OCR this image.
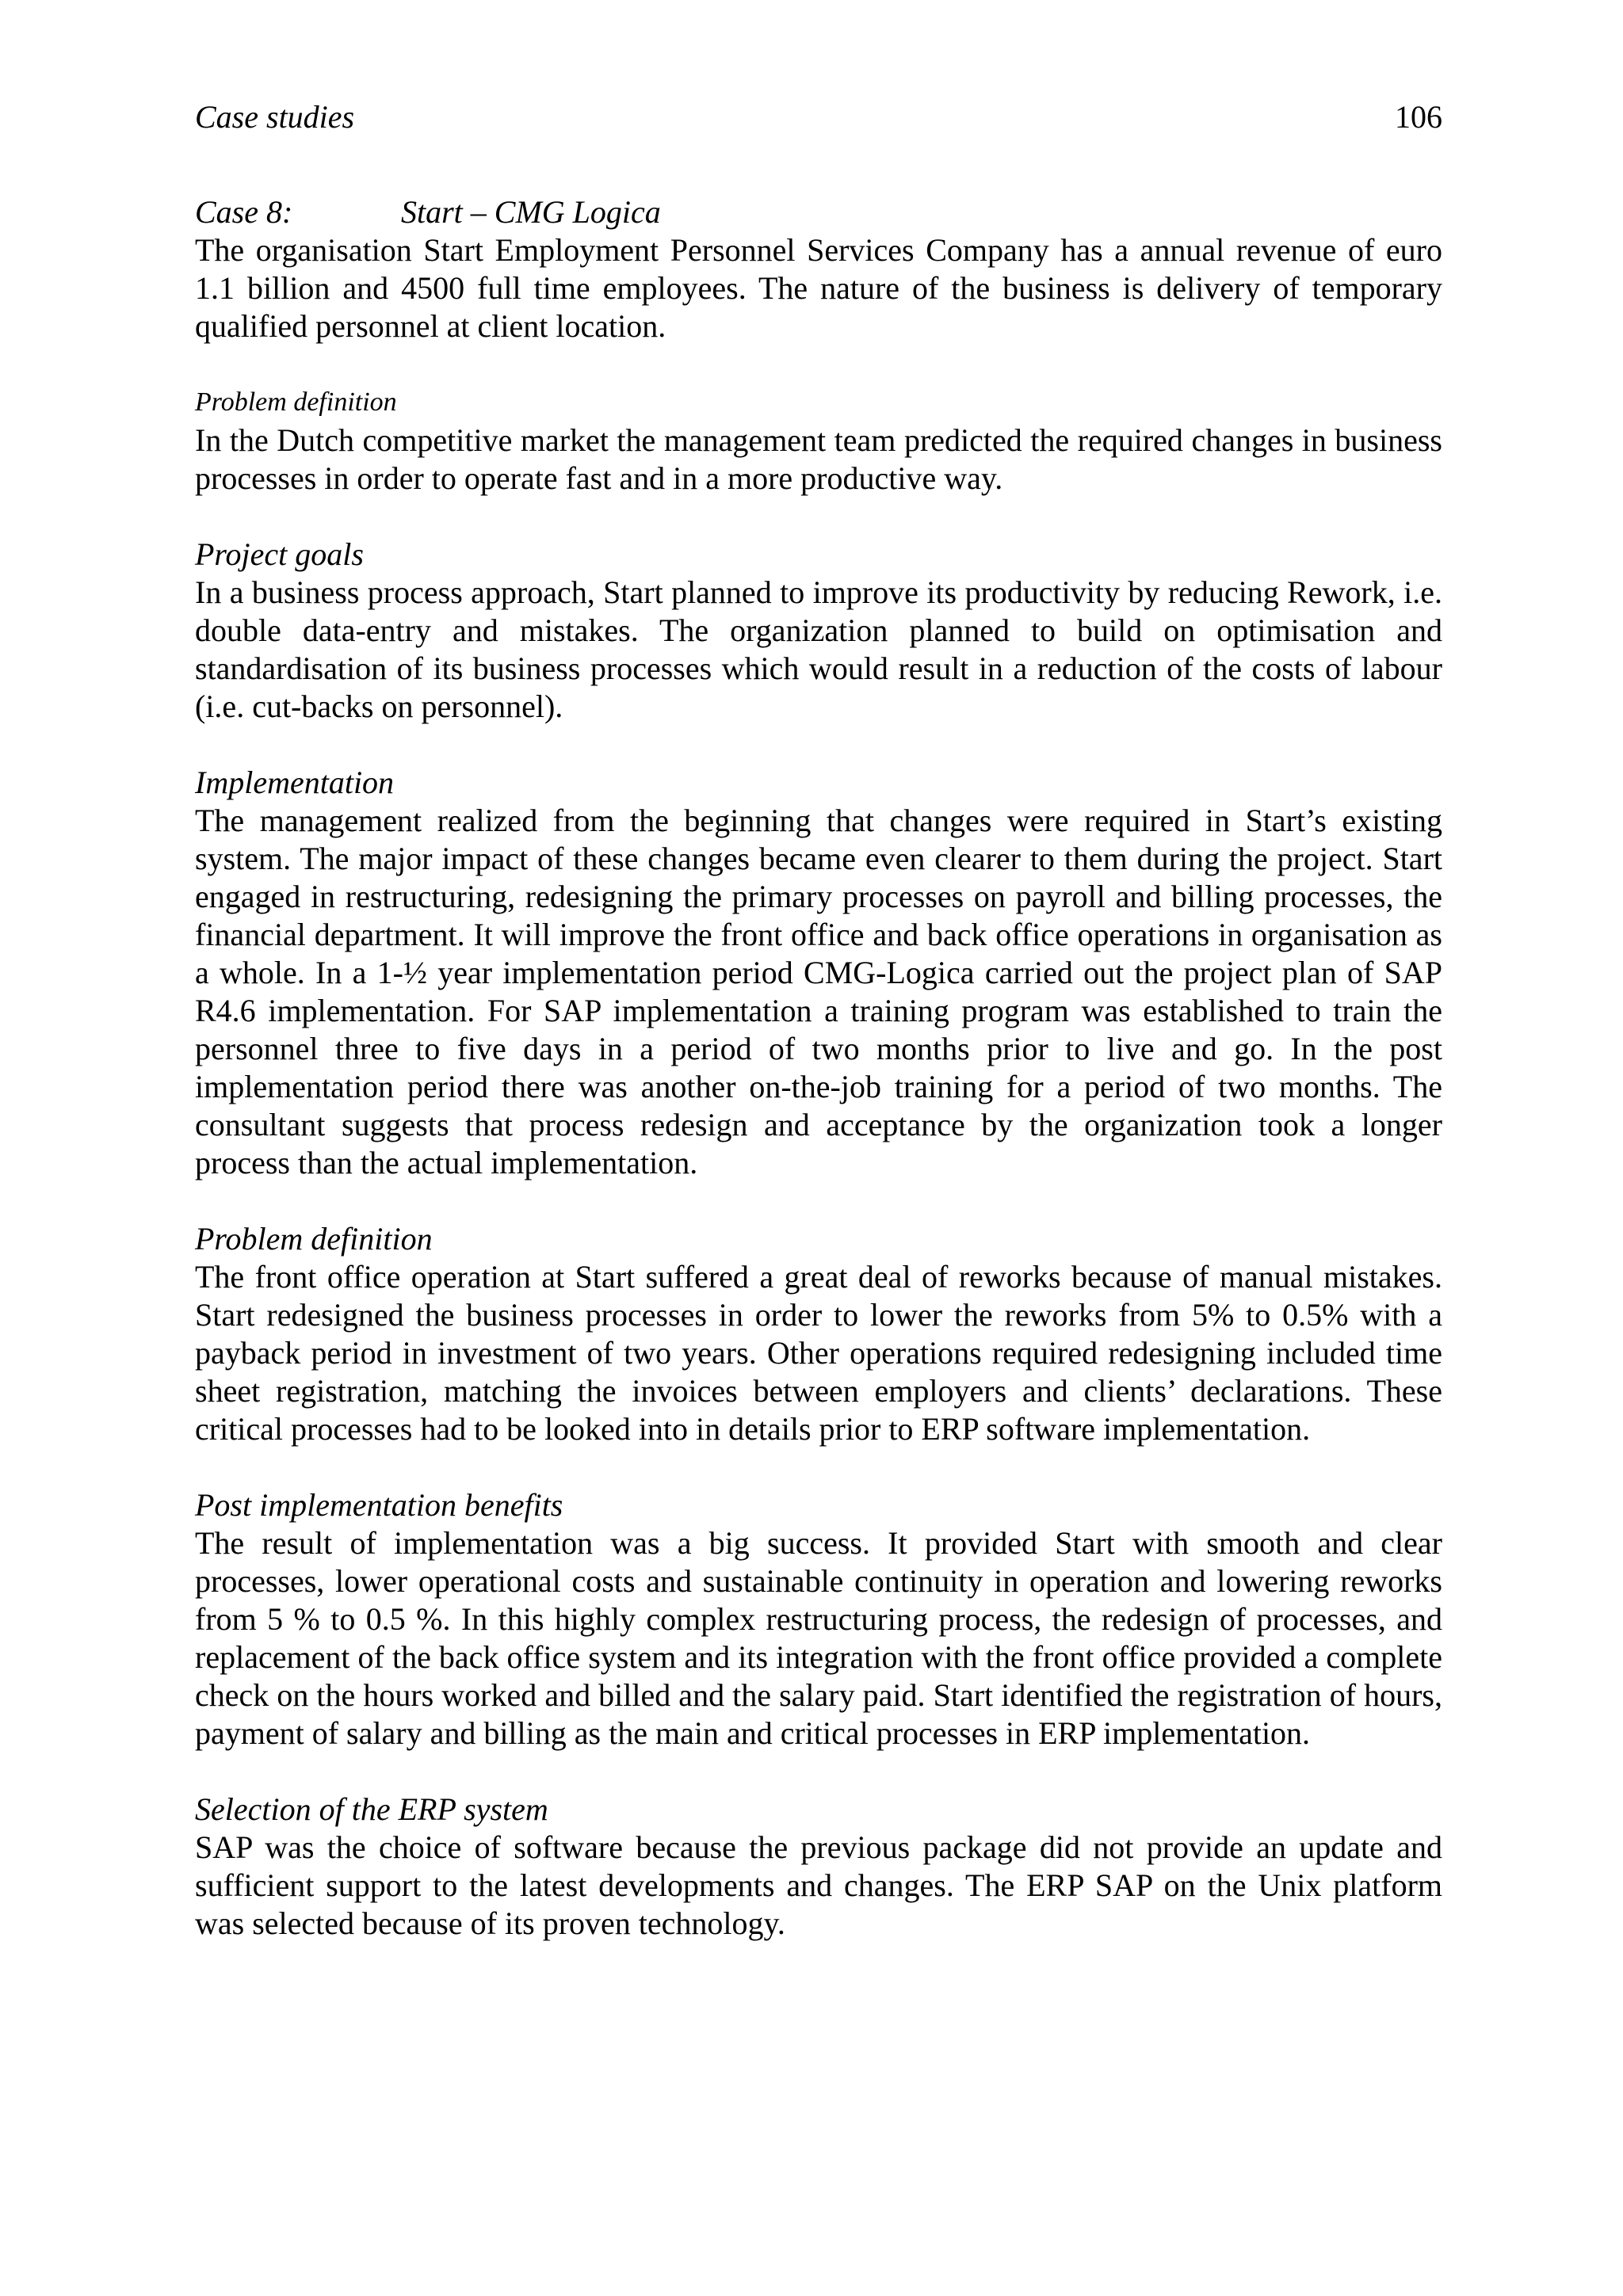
Case studies	106

Case 8:	Start – CMG Logica

The organisation Start Employment Personnel Services Company has a annual revenue of euro 1.1 billion and 4500 full time employees. The nature of the business is delivery of temporary qualified personnel at client location.

Problem definition

In the Dutch competitive market the management team predicted the required changes in business processes in order to operate fast and in a more productive way.

Project goals

In a business process approach, Start planned to improve its productivity by reducing Rework, i.e. double data-entry and mistakes. The organization planned to build on optimisation and standardisation of its business processes which would result in a reduction of the costs of labour (i.e. cut-backs on personnel).

Implementation

The management realized from the beginning that changes were required in Start’s existing system. The major impact of these changes became even clearer to them during the project. Start engaged in restructuring, redesigning the primary processes on payroll and billing processes, the financial department. It will improve the front office and back office operations in organisation as a whole. In a 1-½ year implementation period CMG-Logica carried out the project plan of SAP R4.6 implementation. For SAP implementation a training program was established to train the personnel three to five days in a period of two months prior to live and go. In the post implementation period there was another on-the-job training for a period of two months. The consultant suggests that process redesign and acceptance by the organization took a longer process than the actual implementation.

Problem definition

The front office operation at Start suffered a great deal of reworks because of manual mistakes. Start redesigned the business processes in order to lower the reworks from 5% to 0.5% with a payback period in investment of two years. Other operations required redesigning included time sheet registration, matching the invoices between employers and clients’ declarations. These critical processes had to be looked into in details prior to ERP software implementation.

Post implementation benefits

The result of implementation was a big success. It provided Start with smooth and clear processes, lower operational costs and sustainable continuity in operation and lowering reworks from 5 % to 0.5 %. In this highly complex restructuring process, the redesign of processes, and replacement of the back office system and its integration with the front office provided a complete check on the hours worked and billed and the salary paid. Start identified the registration of hours, payment of salary and billing as the main and critical processes in ERP implementation.

Selection of the ERP system

SAP was the choice of software because the previous package did not provide an update and sufficient support to the latest developments and changes. The ERP SAP on the Unix platform was selected because of its proven technology.
